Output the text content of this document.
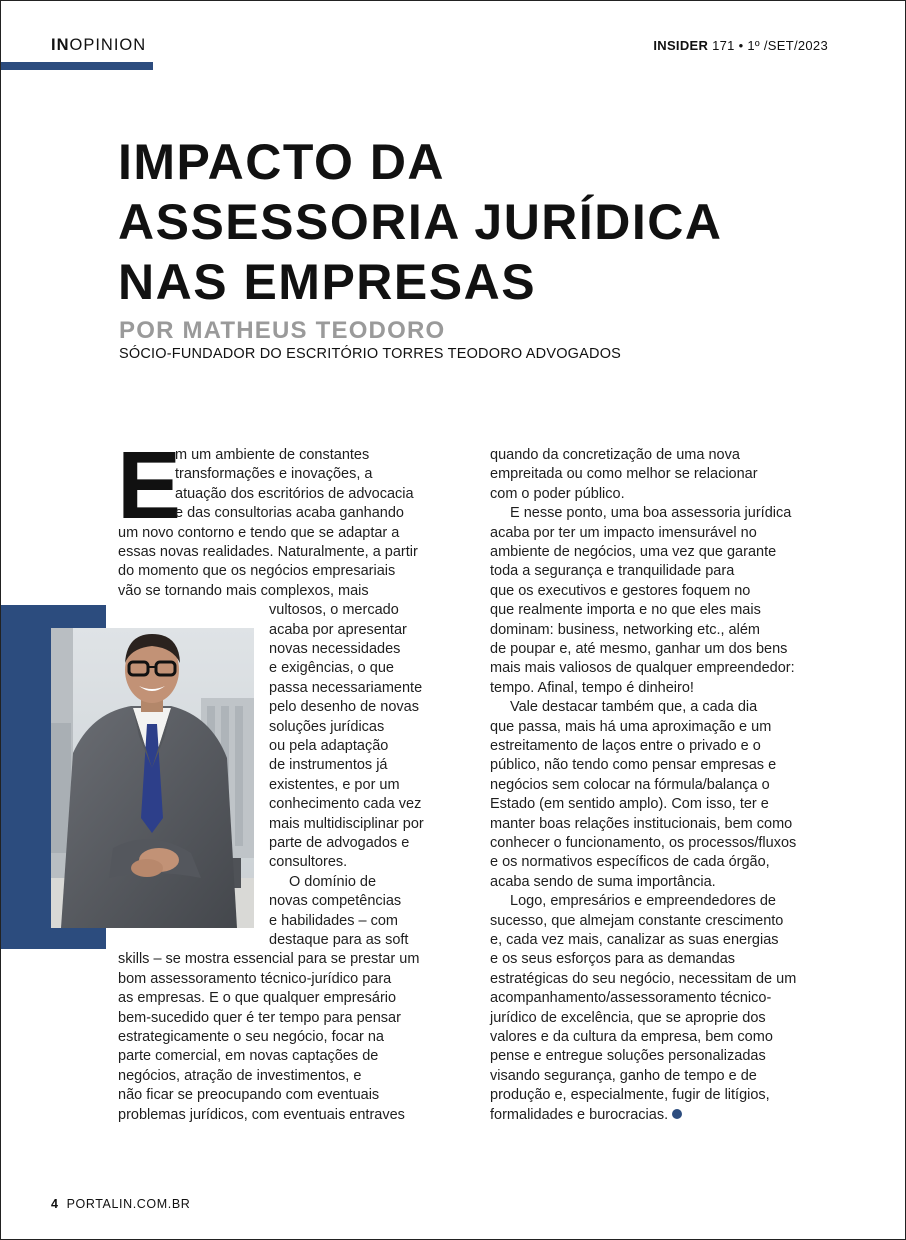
INOPINION	INSIDER 171 • 1º /SET/2023
IMPACTO DA
ASSESSORIA JURÍDICA
NAS EMPRESAS
POR MATHEUS TEODORO
SÓCIO-FUNDADOR DO ESCRITÓRIO TORRES TEODORO ADVOGADOS
E
m um ambiente de constantes
transformações e inovações, a
atuação dos escritórios de advocacia
e das consultorias acaba ganhando
um novo contorno e tendo que se adaptar a
essas novas realidades. Naturalmente, a partir
do momento que os negócios empresariais
vão se tornando mais complexos, mais
vultosos, o mercado
acaba por apresentar
novas necessidades
e exigências, o que
passa necessariamente
pelo desenho de novas
soluções jurídicas
ou pela adaptação
de instrumentos já
existentes, e por um
conhecimento cada vez
mais multidisciplinar por
parte de advogados e
consultores.
O domínio de
novas competências
e habilidades – com
destaque para as soft
skills – se mostra essencial para se prestar um
bom assessoramento técnico-jurídico para
as empresas. E o que qualquer empresário
bem-sucedido quer é ter tempo para pensar
estrategicamente o seu negócio, focar na
parte comercial, em novas captações de
negócios, atração de investimentos, e
não ficar se preocupando com eventuais
problemas jurídicos, com eventuais entraves
quando da concretização de uma nova
empreitada ou como melhor se relacionar
com o poder público.
E nesse ponto, uma boa assessoria jurídica
acaba por ter um impacto imensurável no
ambiente de negócios, uma vez que garante
toda a segurança e tranquilidade para
que os executivos e gestores foquem no
que realmente importa e no que eles mais
dominam: business, networking etc., além
de poupar e, até mesmo, ganhar um dos bens
mais mais valiosos de qualquer empreendedor:
tempo. Afinal, tempo é dinheiro!
Vale destacar também que, a cada dia
que passa, mais há uma aproximação e um
estreitamento de laços entre o privado e o
público, não tendo como pensar empresas e
negócios sem colocar na fórmula/balança o
Estado (em sentido amplo). Com isso, ter e
manter boas relações institucionais, bem como
conhecer o funcionamento, os processos/fluxos
e os normativos específicos de cada órgão,
acaba sendo de suma importância.
Logo, empresários e empreendedores de
sucesso, que almejam constante crescimento
e, cada vez mais, canalizar as suas energias
e os seus esforços para as demandas
estratégicas do seu negócio, necessitam de um
acompanhamento/assessoramento técnico-
jurídico de excelência, que se aproprie dos
valores e da cultura da empresa, bem como
pense e entregue soluções personalizadas
visando segurança, ganho de tempo e de
produção e, especialmente, fugir de litígios,
formalidades e burocracias.
4 PORTALIN.COM.BR
